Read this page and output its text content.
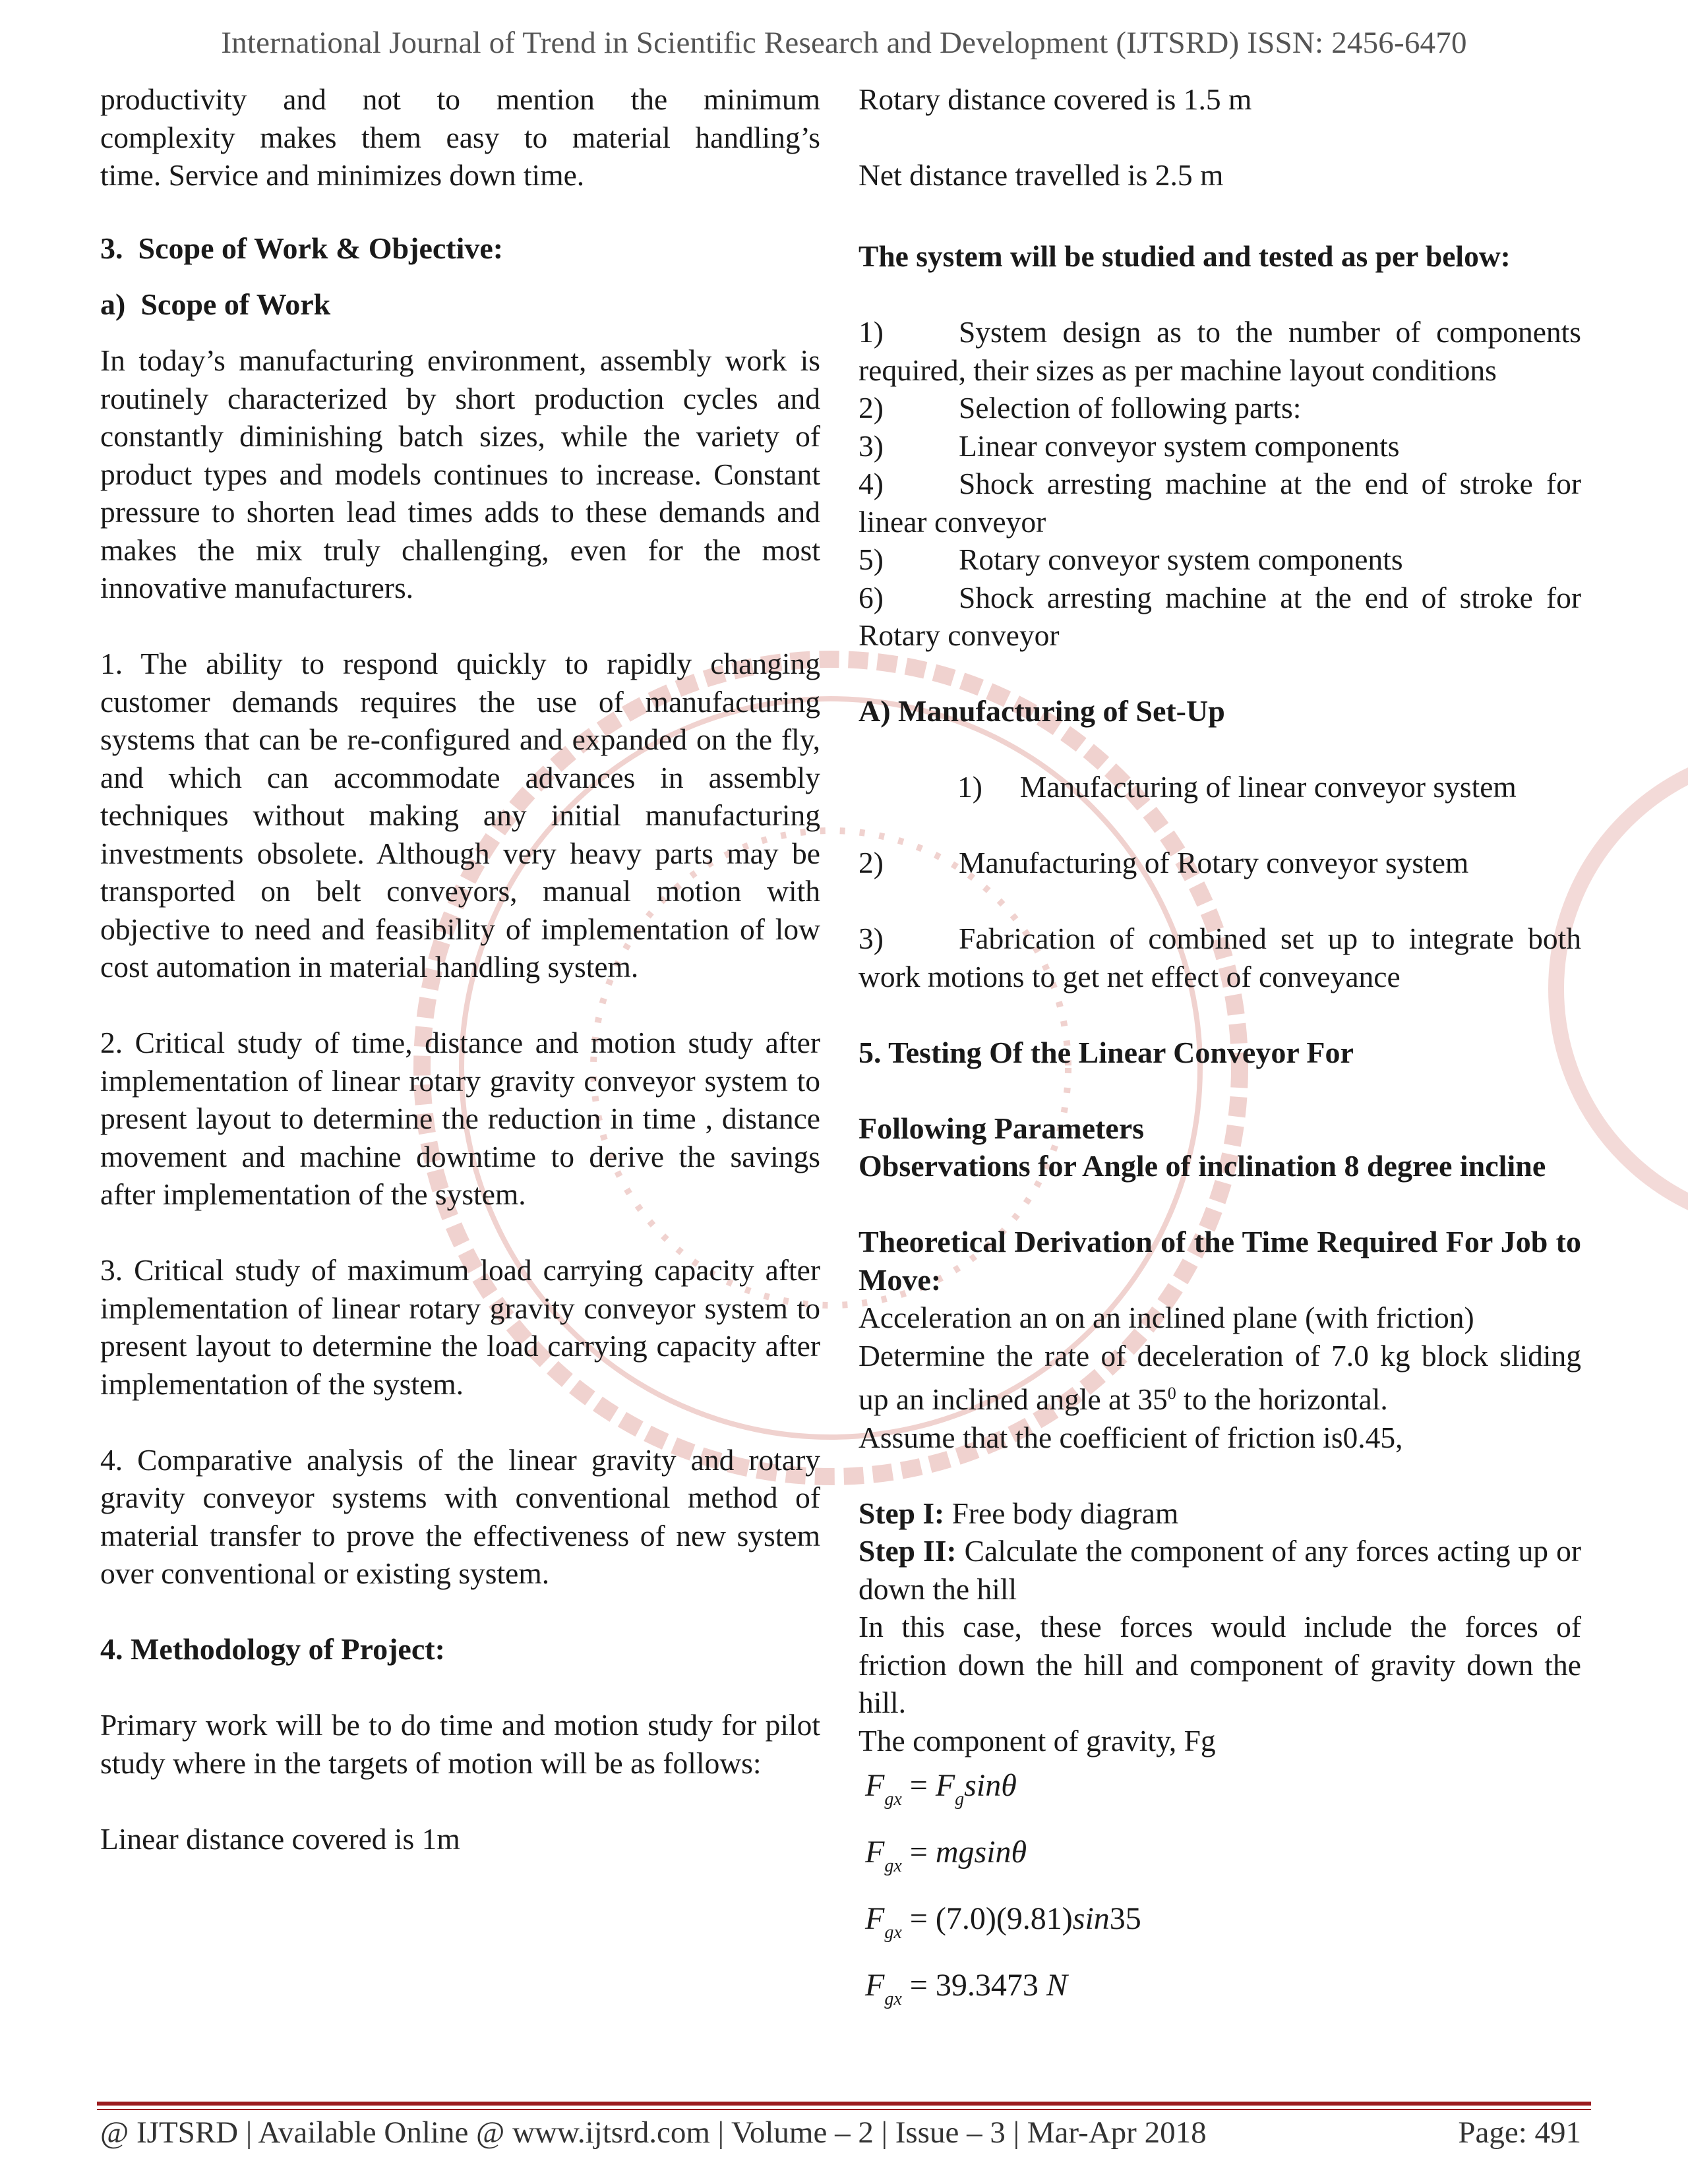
International Journal of Trend in Scientific Research and Development (IJTSRD) ISSN: 2456-6470

productivity and not to mention the minimum

complexity makes them easy to material handling’s

time. Service and minimizes down time.

3.  Scope of Work & Objective:

a)  Scope of Work

In today’s manufacturing environment, assembly work is routinely characterized by short production cycles and constantly diminishing batch sizes, while the variety of product types and models continues to increase. Constant pressure to shorten lead times adds to these demands and makes the mix truly challenging, even for the most innovative manufacturers.

1. The ability to respond quickly to rapidly changing customer demands requires the use of manufacturing systems that can be re-configured and expanded on the fly, and which can accommodate advances in assembly techniques without making any initial manufacturing investments obsolete. Although very heavy parts may be transported on belt conveyors, manual motion with objective to need and feasibility of implementation of low cost automation in material handling system.

2. Critical study of time, distance and motion study after implementation of linear rotary gravity conveyor system to present layout to determine the reduction in time , distance movement and machine downtime to derive the savings after implementation of the system.

3. Critical study of maximum load carrying capacity after implementation of linear rotary gravity conveyor system to present layout to determine the load carrying capacity after implementation of the system.

4. Comparative analysis of the linear gravity and rotary gravity conveyor systems with conventional method of material transfer to prove the effectiveness of new system over conventional or existing system.

4. Methodology of Project:

Primary work will be to do time and motion study for pilot study where in the targets of motion will be as follows:

Linear distance covered is 1m

Rotary distance covered is 1.5 m

Net distance travelled is 2.5 m

The system will be studied and tested as per below:

1)	System design as to the number of components required, their sizes as per machine layout conditions

2)	Selection of following parts:

3)	Linear conveyor system components

4)	Shock arresting machine at the end of stroke for linear conveyor

5)	Rotary conveyor system components

6)	Shock arresting machine at the end of stroke for Rotary conveyor

A) Manufacturing of Set-Up

1) Manufacturing of linear conveyor system

2)	Manufacturing of Rotary conveyor system

3)	Fabrication of combined set up to integrate both work motions to get net effect of conveyance

5. Testing Of the Linear Conveyor For

Following Parameters

Observations for Angle of inclination 8 degree incline

Theoretical Derivation of the Time Required For Job to Move:

Acceleration an on an inclined plane (with friction)

Determine the rate of deceleration of 7.0 kg block sliding up an inclined angle at $35^0$ to the horizontal.

Assume that the coefficient of friction is0.45,

Step I: Free body diagram

Step II: Calculate the component of any forces acting up or down the hill

In this case, these forces would include the forces of friction down the hill and component of gravity down the hill.

The component of gravity, Fg

$F_{gx} = F_g\sin\theta$
$F_{gx} = mgsin\theta$
$F_{gx} = (7.0)(9.81)\sin 35$
$F_{gx} = 39.3473$ N
@ IJTSRD | Available Online @ www.ijtsrd.com | Volume – 2 | Issue – 3 | Mar-Apr 2018	Page: 491
